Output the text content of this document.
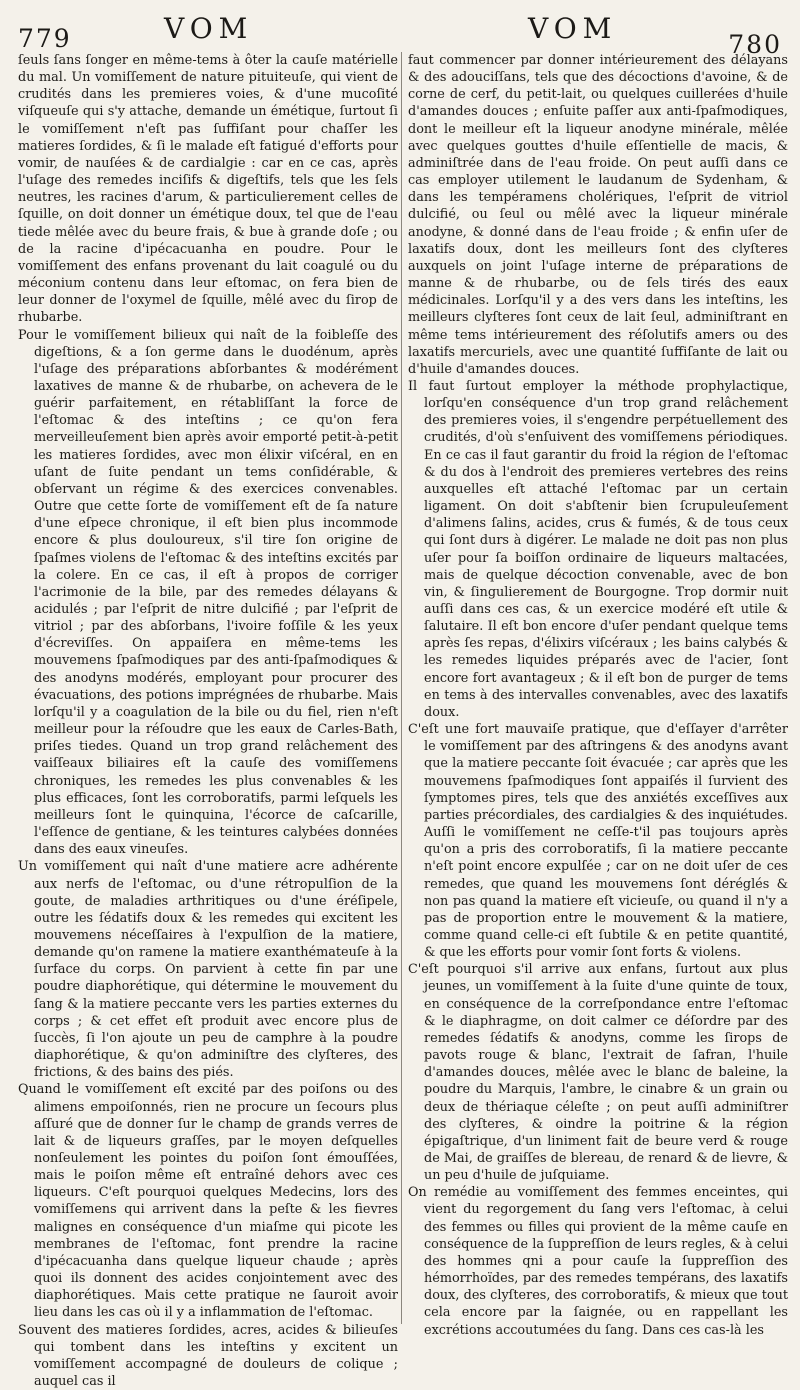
779	VOM	VOM	780

ſeuls ſans ſonger en même-tems à ôter la cauſe matérielle du mal. Un vomiſſement de nature pituiteuſe, qui vient de crudités dans les premieres voies, & d'une mucoſité viſqueuſe qui s'y attache, demande un émétique, ſurtout ſi le vomiſſement n'eſt pas ſuffiſant pour chaſſer les matieres ſordides, & ſi le malade eſt fatigué d'efforts pour vomir, de nauſées & de cardialgie : car en ce cas, après l'uſage des remedes inciſifs & digeſtifs, tels que les ſels neutres, les racines d'arum, & particulierement celles de ſquille, on doit donner un émétique doux, tel que de l'eau tiede mêlée avec du beure frais, & bue à grande doſe ; ou de la racine d'ipécacuanha en poudre. Pour le vomiſſement des enfans provenant du lait coagulé ou du méconium contenu dans leur eſtomac, on fera bien de leur donner de l'oxymel de ſquille, mêlé avec du ſirop de rhubarbe.

Pour le vomiſſement bilieux qui naît de la foibleſſe des digeſtions, & a ſon germe dans le duodénum, après l'uſage des préparations abſorbantes & modérément laxatives de manne & de rhubarbe, on achevera de le guérir parfaitement, en rétabliſſant la force de l'eſtomac & des inteſtins ; ce qu'on fera merveilleuſement bien après avoir emporté petit-à-petit les matieres ſordides, avec mon élixir viſcéral, en en uſant de ſuite pendant un tems conſidérable, & obſervant un régime & des exercices convenables. Outre que cette ſorte de vomiſſement eſt de ſa nature d'une eſpece chronique, il eſt bien plus incommode encore & plus douloureux, s'il tire ſon origine de ſpaſmes violens de l'eſtomac & des inteſtins excités par la colere. En ce cas, il eſt à propos de corriger l'acrimonie de la bile, par des remedes délayans & acidulés ; par l'eſprit de nitre dulcifié ; par l'eſprit de vitriol ; par des abſorbans, l'ivoire foſſile & les yeux d'écreviſſes. On appaiſera en même-tems les mouvemens ſpaſmodiques par des anti-ſpaſmodiques & des anodyns modérés, employant pour procurer des évacuations, des potions imprégnées de rhubarbe. Mais lorſqu'il y a coagulation de la bile ou du fiel, rien n'eſt meilleur pour la réſoudre que les eaux de Carles-Bath, priſes tiedes. Quand un trop grand relâchement des vaiſſeaux biliaires eſt la cauſe des vomiſſemens chroniques, les remedes les plus convenables & les plus efficaces, ſont les corroboratifs, parmi leſquels les meilleurs ſont le quinquina, l'écorce de caſcarille, l'eſſence de gentiane, & les teintures calybées données dans des eaux vineuſes.

Un vomiſſement qui naît d'une matiere acre adhérente aux nerfs de l'eſtomac, ou d'une rétropulſion de la goute, de maladies arthritiques ou d'une éréſipele, outre les ſédatifs doux & les remedes qui excitent les mouvemens néceſſaires à l'expulſion de la matiere, demande qu'on ramene la matiere exanthémateuſe à la ſurface du corps. On parvient à cette fin par une poudre diaphorétique, qui détermine le mouvement du ſang & la matiere peccante vers les parties externes du corps ; & cet effet eſt produit avec encore plus de ſuccès, ſi l'on ajoute un peu de camphre à la poudre diaphorétique, & qu'on adminiſtre des clyſteres, des frictions, & des bains des piés.

Quand le vomiſſement eſt excité par des poiſons ou des alimens empoiſonnés, rien ne procure un ſecours plus aſſuré que de donner ſur le champ de grands verres de lait & de liqueurs graſſes, par le moyen deſquelles nonſeulement les pointes du poiſon ſont émouſſées, mais le poiſon même eſt entraîné dehors avec ces liqueurs. C'eſt pourquoi quelques Medecins, lors des vomiſſemens qui arrivent dans la peſte & les fievres malignes en conséquence d'un miaſme qui picote les membranes de l'eſtomac, font prendre la racine d'ipécacuanha dans quelque liqueur chaude ; après quoi ils donnent des acides conjointement avec des diaphorétiques. Mais cette pratique ne ſauroit avoir lieu dans les cas où il y a inflammation de l'eſtomac.

Souvent des matieres ſordides, acres, acides & bilieuſes qui tombent dans les inteſtins y excitent un vomiſſement accompagné de douleurs de colique ; auquel cas il

faut commencer par donner intérieurement des délayans & des adouciſſans, tels que des décoctions d'avoine, & de corne de cerf, du petit-lait, ou quelques cuillerées d'huile d'amandes douces ; enſuite paſſer aux anti-ſpaſmodiques, dont le meilleur eſt la liqueur anodyne minérale, mêlée avec quelques gouttes d'huile eſſentielle de macis, & adminiſtrée dans de l'eau froide. On peut auſſi dans ce cas employer utilement le laudanum de Sydenham, & dans les tempéramens cholériques, l'eſprit de vitriol dulcifié, ou ſeul ou mêlé avec la liqueur minérale anodyne, & donné dans de l'eau froide ; & enfin uſer de laxatifs doux, dont les meilleurs ſont des clyſteres auxquels on joint l'uſage interne de préparations de manne & de rhubarbe, ou de ſels tirés des eaux médicinales. Lorſqu'il y a des vers dans les inteſtins, les meilleurs clyſteres ſont ceux de lait ſeul, adminiſtrant en même tems intérieurement des réſolutifs amers ou des laxatifs mercuriels, avec une quantité ſuffiſante de lait ou d'huile d'amandes douces.

Il faut ſurtout employer la méthode prophylactique, lorſqu'en conséquence d'un trop grand relâchement des premieres voies, il s'engendre perpétuellement des crudités, d'où s'enſuivent des vomiſſemens périodiques. En ce cas il faut garantir du froid la région de l'eſtomac & du dos à l'endroit des premieres vertebres des reins auxquelles eſt attaché l'eſtomac par un certain ligament. On doit s'abſtenir bien ſcrupuleuſement d'alimens ſalins, acides, crus & fumés, & de tous ceux qui ſont durs à digérer. Le malade ne doit pas non plus uſer pour ſa boiſſon ordinaire de liqueurs maltacées, mais de quelque décoction convenable, avec de bon vin, & ſingulierement de Bourgogne. Trop dormir nuit auſſi dans ces cas, & un exercice modéré eſt utile & ſalutaire. Il eſt bon encore d'uſer pendant quelque tems après ſes repas, d'élixirs viſcéraux ; les bains calybés & les remedes liquides préparés avec de l'acier, ſont encore fort avantageux ; & il eſt bon de purger de tems en tems à des intervalles convenables, avec des laxatifs doux.

C'eſt une fort mauvaiſe pratique, que d'eſſayer d'arrêter le vomiſſement par des aſtringens & des anodyns avant que la matiere peccante ſoit évacuée ; car après que les mouvemens ſpaſmodiques ſont appaiſés il ſurvient des ſymptomes pires, tels que des anxiétés exceſſives aux parties précordiales, des cardialgies & des inquiétudes. Auſſi le vomiſſement ne ceſſe-t'il pas toujours après qu'on a pris des corroboratifs, ſi la matiere peccante n'eſt point encore expulſée ; car on ne doit uſer de ces remedes, que quand les mouvemens ſont déréglés & non pas quand la matiere eſt vicieuſe, ou quand il n'y a pas de proportion entre le mouvement & la matiere, comme quand celle-ci eſt ſubtile & en petite quantité, & que les efforts pour vomir ſont forts & violens.

C'eſt pourquoi s'il arrive aux enfans, ſurtout aux plus jeunes, un vomiſſement à la ſuite d'une quinte de toux, en conséquence de la correſpondance entre l'eſtomac & le diaphragme, on doit calmer ce déſordre par des remedes ſédatifs & anodyns, comme les ſirops de pavots rouge & blanc, l'extrait de ſafran, l'huile d'amandes douces, mêlée avec le blanc de baleine, la poudre du Marquis, l'ambre, le cinabre & un grain ou deux de thériaque céleſte ; on peut auſſi adminiſtrer des clyſteres, & oindre la poitrine & la région épigaſtrique, d'un liniment fait de beure verd & rouge de Mai, de graiſſes de blereau, de renard & de lievre, & un peu d'huile de juſquiame.

On remédie au vomiſſement des femmes enceintes, qui vient du regorgement du ſang vers l'eſtomac, à celui des femmes ou filles qui provient de la même cauſe en conséquence de la ſuppreſſion de leurs regles, & à celui des hommes qni a pour cauſe la ſuppreſſion des hémorrhoïdes, par des remedes tempérans, des laxatifs doux, des clyſteres, des corroboratifs, & mieux que tout cela encore par la ſaignée, ou en rappellant les excrétions accoutumées du ſang. Dans ces cas-là les
